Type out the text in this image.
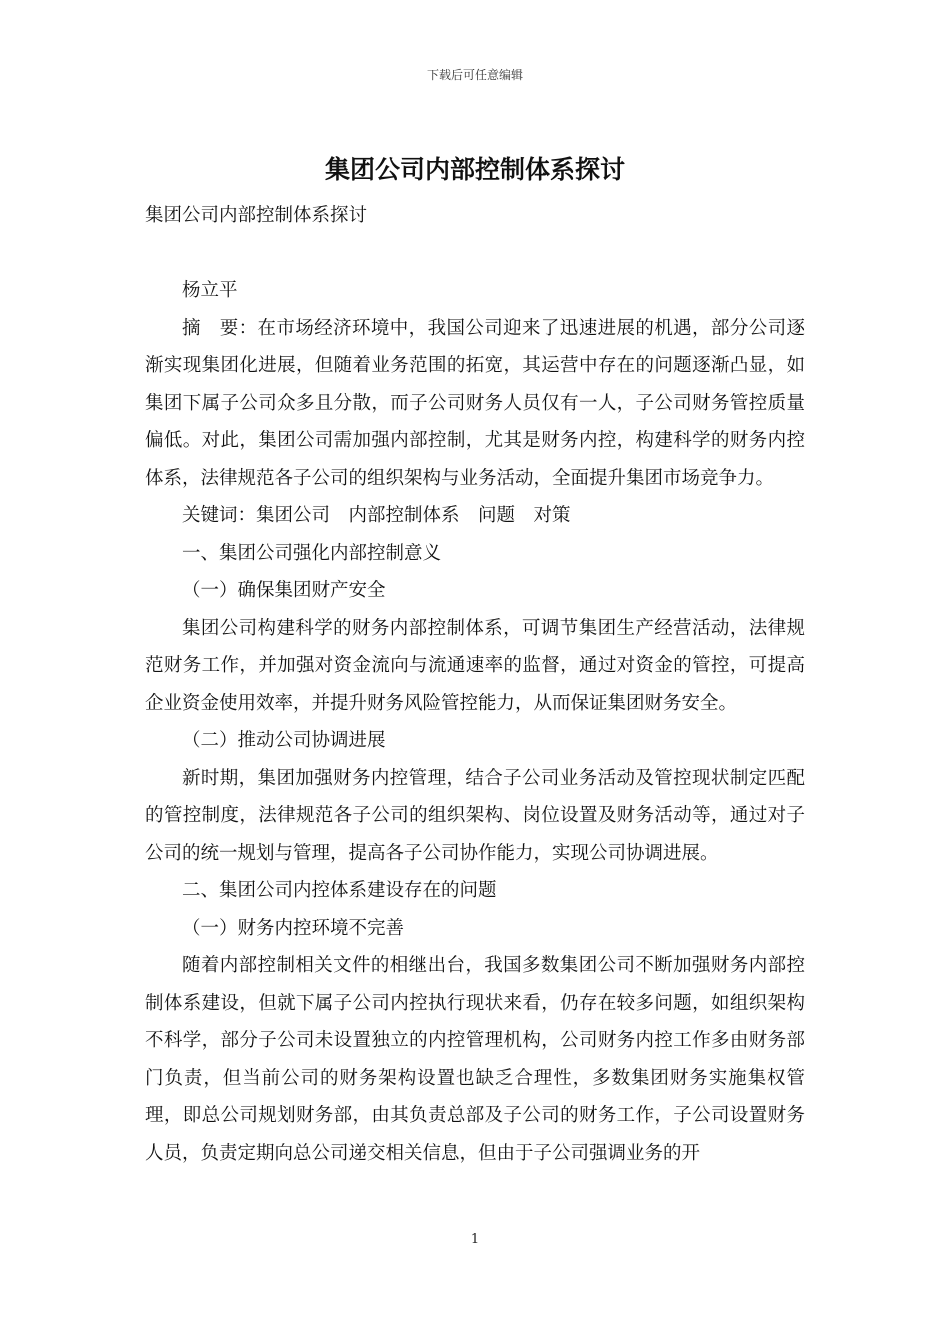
下载后可任意编辑
集团公司内部控制体系探讨

集团公司内部控制体系探讨

杨立平

摘　要：在市场经济环境中，我国公司迎来了迅速进展的机遇，部分公司逐渐实现集团化进展，但随着业务范围的拓宽，其运营中存在的问题逐渐凸显，如集团下属子公司众多且分散，而子公司财务人员仅有一人，子公司财务管控质量偏低。对此，集团公司需加强内部控制，尤其是财务内控，构建科学的财务内控体系，法律规范各子公司的组织架构与业务活动，全面提升集团市场竞争力。

关键词：集团公司　内部控制体系　问题　对策

一、集团公司强化内部控制意义

（一）确保集团财产安全

集团公司构建科学的财务内部控制体系，可调节集团生产经营活动，法律规范财务工作，并加强对资金流向与流通速率的监督，通过对资金的管控，可提高企业资金使用效率，并提升财务风险管控能力，从而保证集团财务安全。

（二）推动公司协调进展

新时期，集团加强财务内控管理，结合子公司业务活动及管控现状制定匹配的管控制度，法律规范各子公司的组织架构、岗位设置及财务活动等，通过对子公司的统一规划与管理，提高各子公司协作能力，实现公司协调进展。

二、集团公司内控体系建设存在的问题

（一）财务内控环境不完善

随着内部控制相关文件的相继出台，我国多数集团公司不断加强财务内部控制体系建设，但就下属子公司内控执行现状来看，仍存在较多问题，如组织架构不科学，部分子公司未设置独立的内控管理机构，公司财务内控工作多由财务部门负责，但当前公司的财务架构设置也缺乏合理性，多数集团财务实施集权管理，即总公司规划财务部，由其负责总部及子公司的财务工作，子公司设置财务人员，负责定期向总公司递交相关信息，但由于子公司强调业务的开

1
